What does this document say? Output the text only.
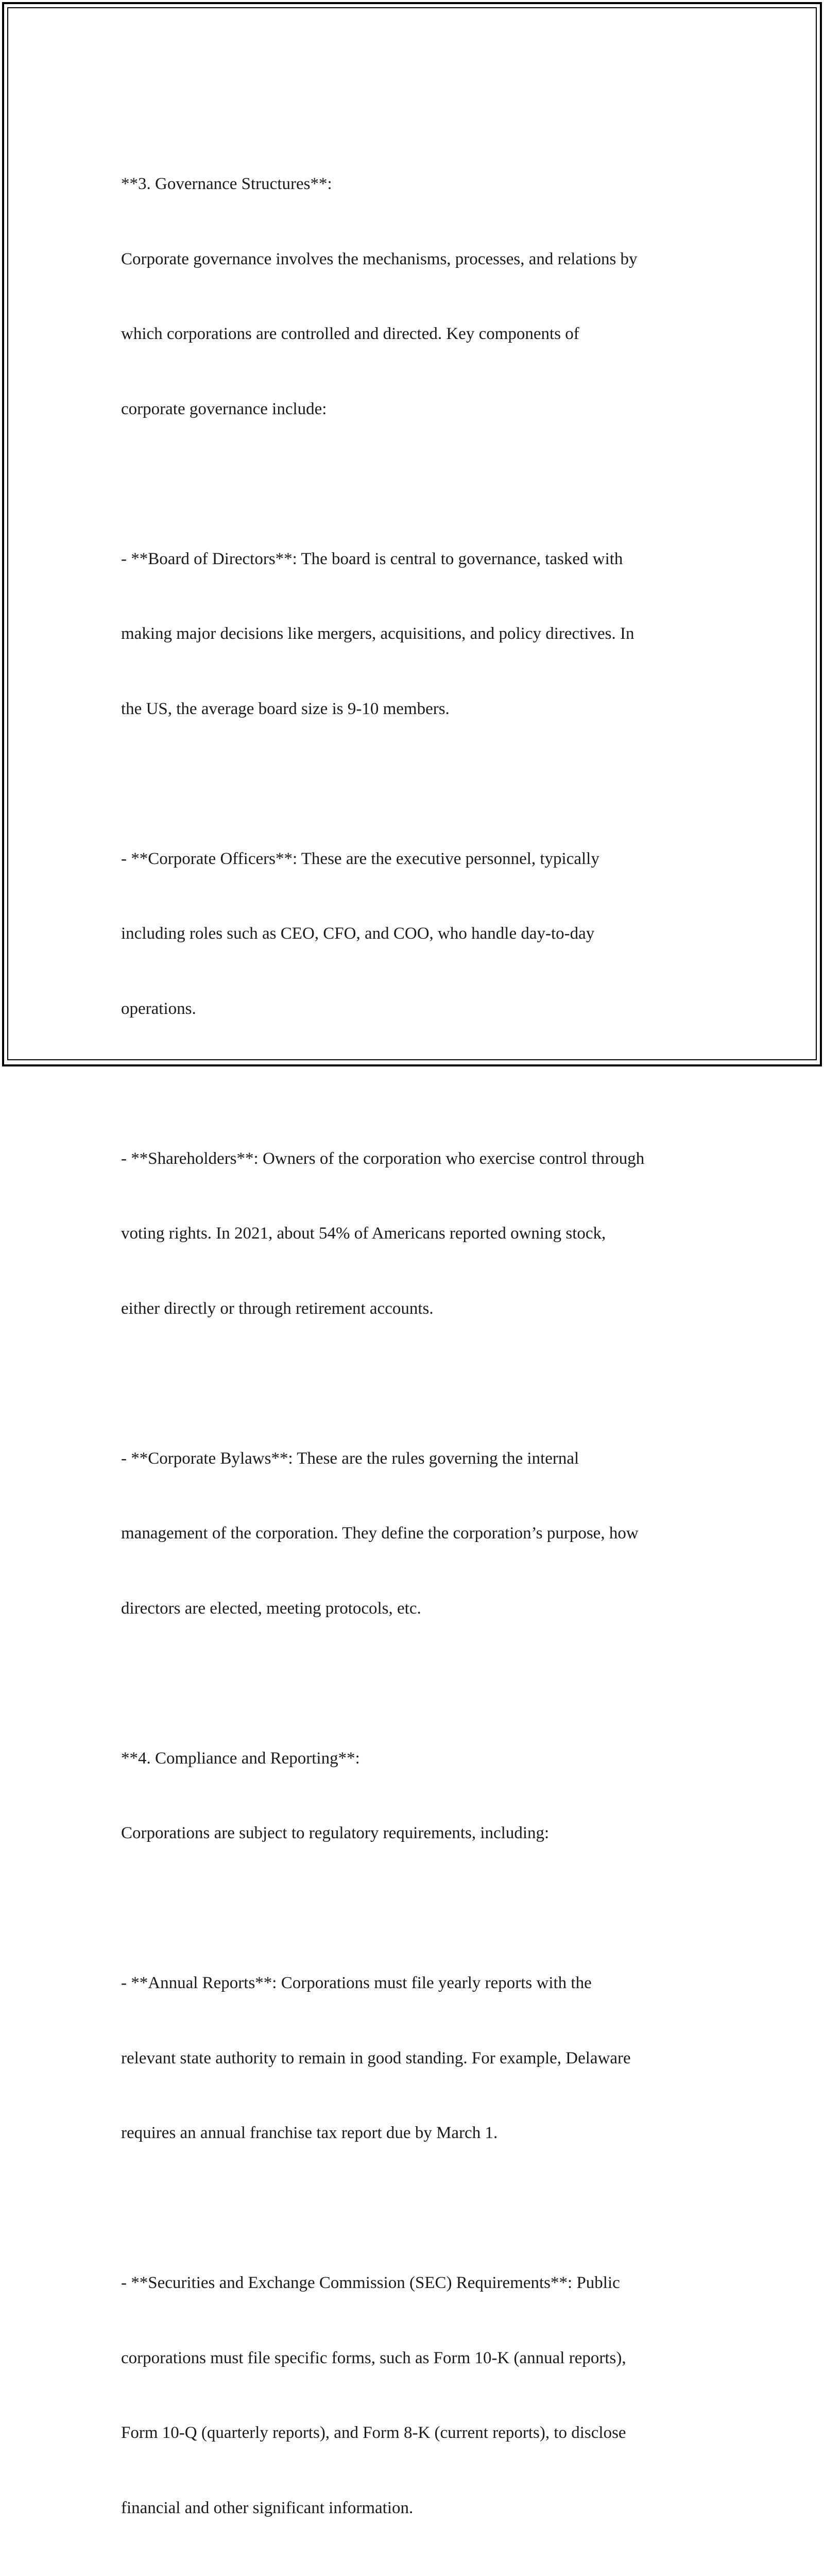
**3. Governance Structures**:

Corporate governance involves the mechanisms, processes, and relations by

which corporations are controlled and directed. Key components of

corporate governance include:

- **Board of Directors**: The board is central to governance, tasked with

making major decisions like mergers, acquisitions, and policy directives. In

the US, the average board size is 9-10 members.

- **Corporate Officers**: These are the executive personnel, typically

including roles such as CEO, CFO, and COO, who handle day-to-day

operations.

- **Shareholders**: Owners of the corporation who exercise control through

voting rights. In 2021, about 54% of Americans reported owning stock,

either directly or through retirement accounts.

- **Corporate Bylaws**: These are the rules governing the internal

management of the corporation. They define the corporation’s purpose, how

directors are elected, meeting protocols, etc.

**4. Compliance and Reporting**:

Corporations are subject to regulatory requirements, including:

- **Annual Reports**: Corporations must file yearly reports with the

relevant state authority to remain in good standing. For example, Delaware

requires an annual franchise tax report due by March 1.

- **Securities and Exchange Commission (SEC) Requirements**: Public

corporations must file specific forms, such as Form 10-K (annual reports),

Form 10-Q (quarterly reports), and Form 8-K (current reports), to disclose

financial and other significant information.
